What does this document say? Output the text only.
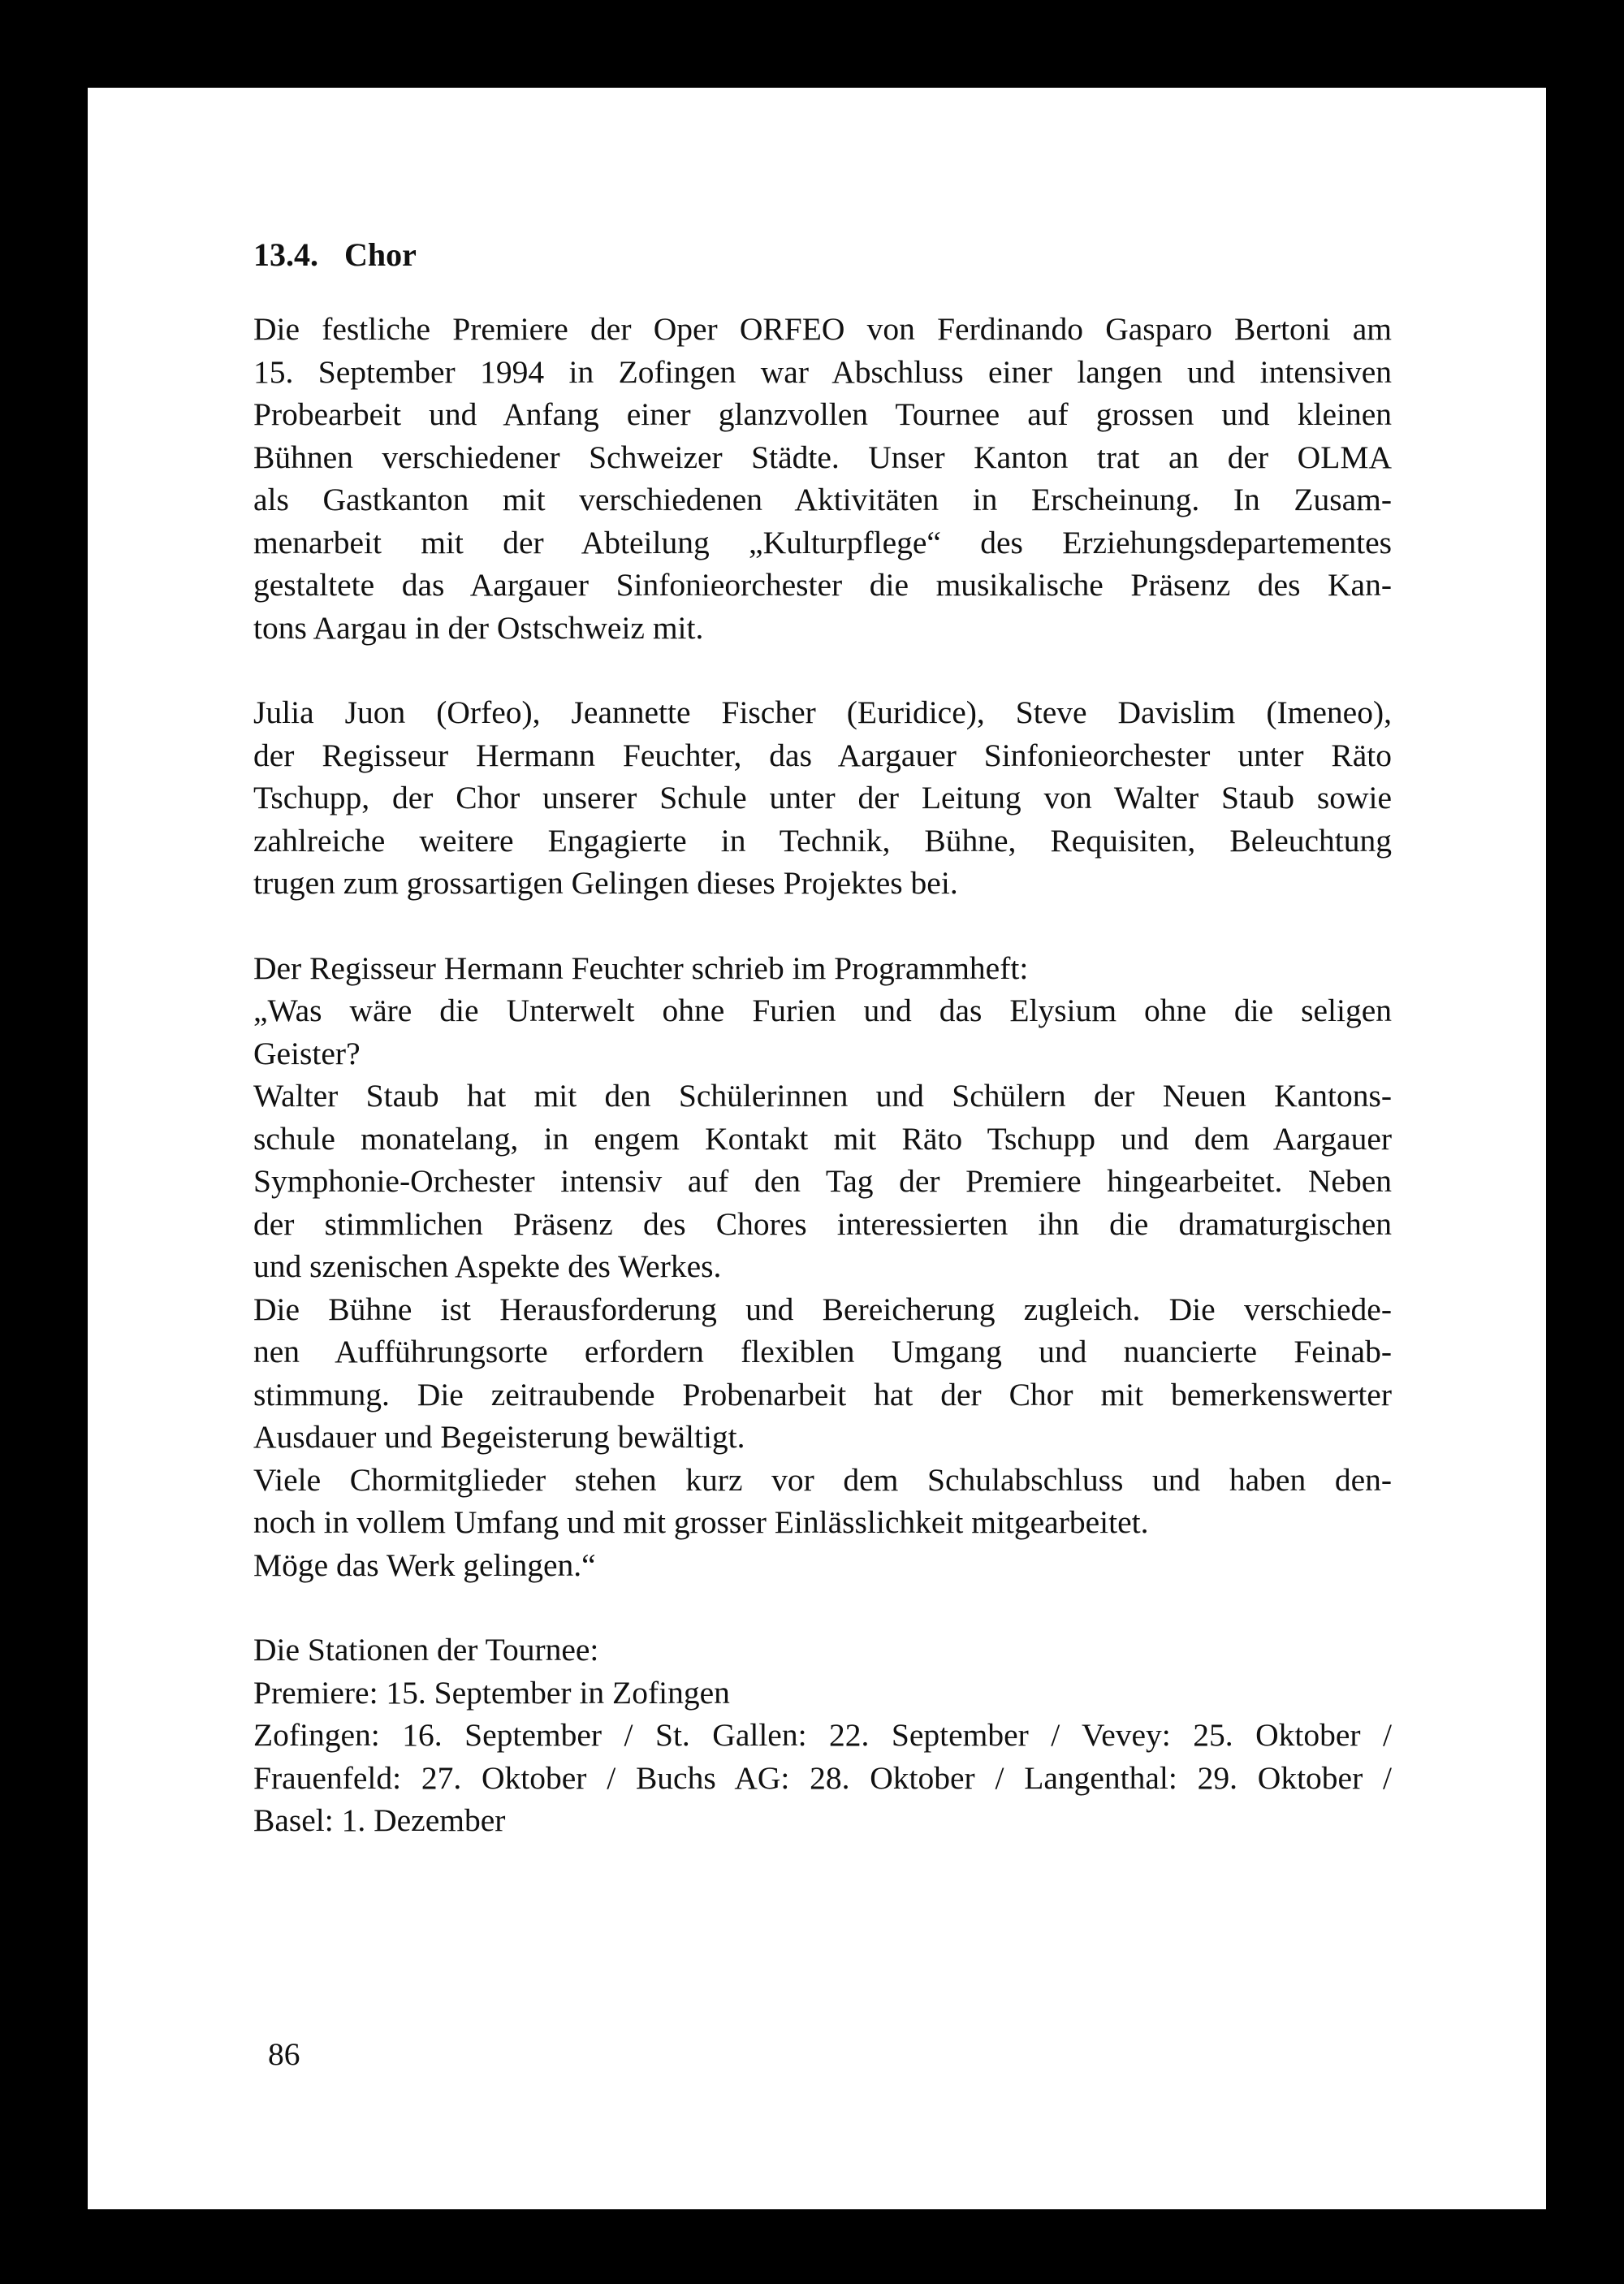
13.4. Chor
Die festliche Premiere der Oper ORFEO von Ferdinando Gasparo Bertoni am
15. September 1994 in Zofingen war Abschluss einer langen und intensiven
Probearbeit und Anfang einer glanzvollen Tournee auf grossen und kleinen
Bühnen verschiedener Schweizer Städte. Unser Kanton trat an der OLMA
als Gastkanton mit verschiedenen Aktivitäten in Erscheinung. In Zusam-
menarbeit mit der Abteilung „Kulturpflege“ des Erziehungsdepartementes
gestaltete das Aargauer Sinfonieorchester die musikalische Präsenz des Kan-
tons Aargau in der Ostschweiz mit.
Julia Juon (Orfeo), Jeannette Fischer (Euridice), Steve Davislim (Imeneo),
der Regisseur Hermann Feuchter, das Aargauer Sinfonieorchester unter Räto
Tschupp, der Chor unserer Schule unter der Leitung von Walter Staub sowie
zahlreiche weitere Engagierte in Technik, Bühne, Requisiten, Beleuchtung
trugen zum grossartigen Gelingen dieses Projektes bei.
Der Regisseur Hermann Feuchter schrieb im Programmheft:
„Was wäre die Unterwelt ohne Furien und das Elysium ohne die seligen
Geister?
Walter Staub hat mit den Schülerinnen und Schülern der Neuen Kantons-
schule monatelang, in engem Kontakt mit Räto Tschupp und dem Aargauer
Symphonie-Orchester intensiv auf den Tag der Premiere hingearbeitet. Neben
der stimmlichen Präsenz des Chores interessierten ihn die dramaturgischen
und szenischen Aspekte des Werkes.
Die Bühne ist Herausforderung und Bereicherung zugleich. Die verschiede-
nen Aufführungsorte erfordern flexiblen Umgang und nuancierte Feinab-
stimmung. Die zeitraubende Probenarbeit hat der Chor mit bemerkenswerter
Ausdauer und Begeisterung bewältigt.
Viele Chormitglieder stehen kurz vor dem Schulabschluss und haben den-
noch in vollem Umfang und mit grosser Einlässlichkeit mitgearbeitet.
Möge das Werk gelingen.“
Die Stationen der Tournee:
Premiere: 15. September in Zofingen
Zofingen: 16. September / St. Gallen: 22. September / Vevey: 25. Oktober /
Frauenfeld: 27. Oktober / Buchs AG: 28. Oktober / Langenthal: 29. Oktober /
Basel: 1. Dezember
86
